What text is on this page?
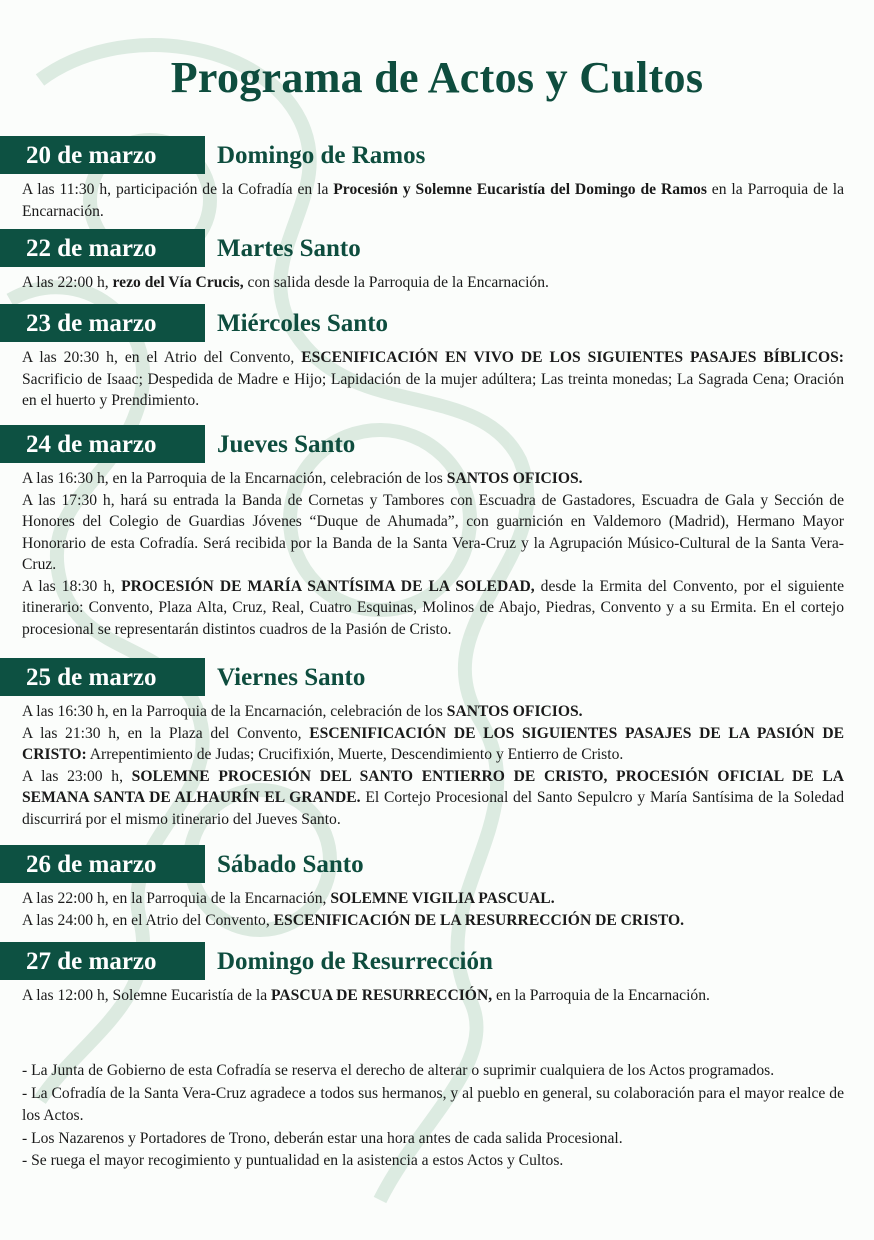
Programa de Actos y Cultos
20 de marzo	Domingo de Ramos

A las 11:30 h, participación de la Cofradía en la Procesión y Solemne Eucaristía del Domingo de Ramos en la Parroquia de la Encarnación.

22 de marzo	Martes Santo

A las 22:00 h, rezo del Vía Crucis, con salida desde la Parroquia de la Encarnación.

23 de marzo	Miércoles Santo

A las 20:30 h, en el Atrio del Convento, ESCENIFICACIÓN EN VIVO DE LOS SIGUIENTES PASAJES BÍBLICOS: Sacrificio de Isaac; Despedida de Madre e Hijo; Lapidación de la mujer adúltera; Las treinta monedas; La Sagrada Cena; Oración en el huerto y Prendimiento.

24 de marzo	Jueves Santo

A las 16:30 h, en la Parroquia de la Encarnación, celebración de los SANTOS OFICIOS.

A las 17:30 h, hará su entrada la Banda de Cornetas y Tambores con Escuadra de Gastadores, Escuadra de Gala y Sección de Honores del Colegio de Guardias Jóvenes “Duque de Ahumada”, con guarnición en Valdemoro (Madrid), Hermano Mayor Honorario de esta Cofradía. Será recibida por la Banda de la Santa Vera-Cruz y la Agrupación Músico-Cultural de la Santa Vera-Cruz.

A las 18:30 h, PROCESIÓN DE MARÍA SANTÍSIMA DE LA SOLEDAD, desde la Ermita del Convento, por el siguiente itinerario: Convento, Plaza Alta, Cruz, Real, Cuatro Esquinas, Molinos de Abajo, Piedras, Convento y a su Ermita. En el cortejo procesional se representarán distintos cuadros de la Pasión de Cristo.

25 de marzo	Viernes Santo

A las 16:30 h, en la Parroquia de la Encarnación, celebración de los SANTOS OFICIOS.

A las 21:30 h, en la Plaza del Convento, ESCENIFICACIÓN DE LOS SIGUIENTES PASAJES DE LA PASIÓN DE CRISTO: Arrepentimiento de Judas; Crucifixión, Muerte, Descendimiento y Entierro de Cristo.

A las 23:00 h, SOLEMNE PROCESIÓN DEL SANTO ENTIERRO DE CRISTO, PROCESIÓN OFICIAL DE LA SEMANA SANTA DE ALHAURÍN EL GRANDE. El Cortejo Procesional del Santo Sepulcro y María Santísima de la Soledad discurrirá por el mismo itinerario del Jueves Santo.

26 de marzo	Sábado Santo

A las 22:00 h, en la Parroquia de la Encarnación, SOLEMNE VIGILIA PASCUAL.

A las 24:00 h, en el Atrio del Convento, ESCENIFICACIÓN DE LA RESURRECCIÓN DE CRISTO.

27 de marzo	Domingo de Resurrección

A las 12:00 h, Solemne Eucaristía de la PASCUA DE RESURRECCIÓN, en la Parroquia de la Encarnación.

- La Junta de Gobierno de esta Cofradía se reserva el derecho de alterar o suprimir cualquiera de los Actos programados.

- La Cofradía de la Santa Vera-Cruz agradece a todos sus hermanos, y al pueblo en general, su colaboración para el mayor realce de los Actos.

- Los Nazarenos y Portadores de Trono, deberán estar una hora antes de cada salida Procesional.

- Se ruega el mayor recogimiento y puntualidad en la asistencia a estos Actos y Cultos.
